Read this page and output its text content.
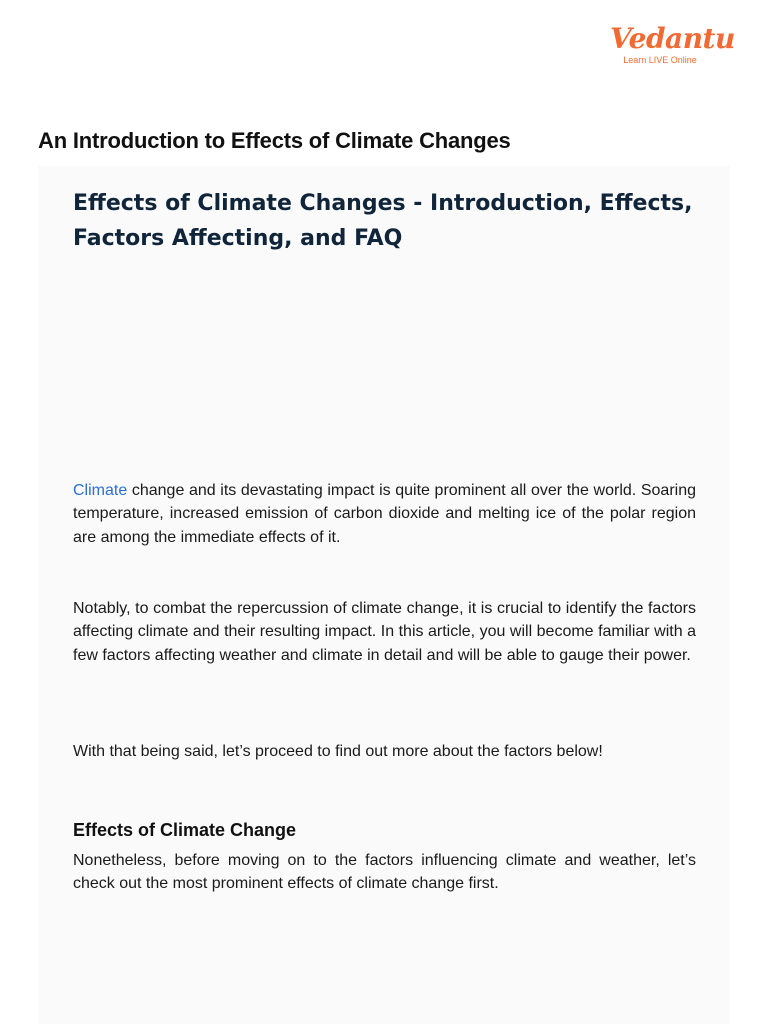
Vedantu
Learn LIVE Online
An Introduction to Effects of Climate Changes
Effects of Climate Changes - Introduction, Effects, Factors Affecting, and FAQ

Climate change and its devastating impact is quite prominent all over the world. Soaring temperature, increased emission of carbon dioxide and melting ice of the polar region are among the immediate effects of it.

Notably, to combat the repercussion of climate change, it is crucial to identify the factors affecting climate and their resulting impact. In this article, you will become familiar with a few factors affecting weather and climate in detail and will be able to gauge their power.

With that being said, let’s proceed to find out more about the factors below!

Effects of Climate Change

Nonetheless, before moving on to the factors influencing climate and weather, let’s check out the most prominent effects of climate change first.
